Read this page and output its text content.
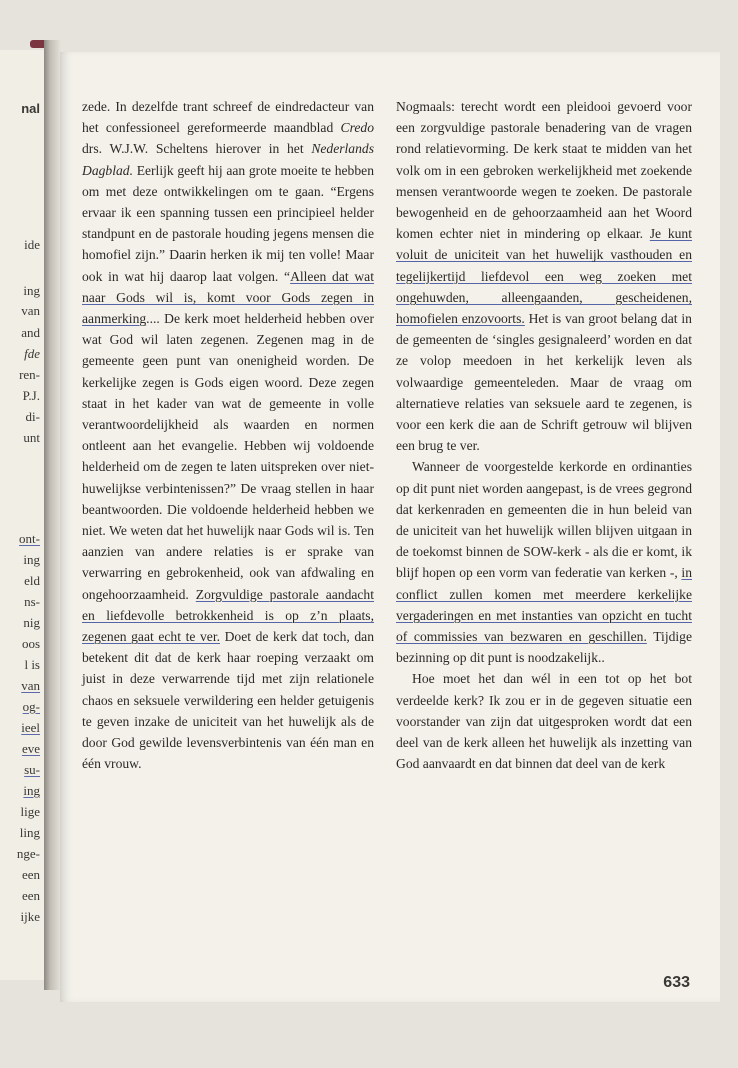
nal
ide
ing
van
and
fde
ren-
P.J.
di-
unt
ont-
ing
eld
ns-
nig
oos
l is
van
og-
ieel
eve
su-
ing
lige
ling
nge-
een
een
ijke

zede. In dezelfde trant schreef de eindredacteur van het confessioneel gereformeerde maandblad Credo drs. W.J.W. Scheltens hierover in het Nederlands Dagblad. Eerlijk geeft hij aan grote moeite te hebben om met deze ontwikkelingen om te gaan. “Ergens ervaar ik een spanning tussen een principieel helder standpunt en de pastorale houding jegens mensen die homofiel zijn.” Daarin herken ik mij ten volle! Maar ook in wat hij daarop laat volgen. “Alleen dat wat naar Gods wil is, komt voor Gods zegen in aanmerking.... De kerk moet helderheid hebben over wat God wil laten zegenen. Zegenen mag in de gemeente geen punt van onenigheid worden. De kerkelijke zegen is Gods eigen woord. Deze zegen staat in het kader van wat de gemeente in volle verantwoordelijkheid als waarden en normen ontleent aan het evangelie. Hebben wij voldoende helderheid om de zegen te laten uitspreken over niet-huwelijkse verbintenissen?” De vraag stellen in haar beantwoorden. Die voldoende helderheid hebben we niet. We weten dat het huwelijk naar Gods wil is. Ten aanzien van andere relaties is er sprake van verwarring en gebrokenheid, ook van afdwaling en ongehoorzaamheid. Zorgvuldige pastorale aandacht en liefdevolle betrokkenheid is op z’n plaats, zegenen gaat echt te ver. Doet de kerk dat toch, dan betekent dit dat de kerk haar roeping verzaakt om juist in deze verwarrende tijd met zijn relationele chaos en seksuele verwildering een helder getuigenis te geven inzake de uniciteit van het huwelijk als de door God gewilde levensverbintenis van één man en één vrouw.

Nogmaals: terecht wordt een pleidooi gevoerd voor een zorgvuldige pastorale benadering van de vragen rond relatievorming. De kerk staat te midden van het volk om in een gebroken werkelijkheid met zoekende mensen verantwoorde wegen te zoeken. De pastorale bewogenheid en de gehoorzaamheid aan het Woord komen echter niet in mindering op elkaar. Je kunt voluit de uniciteit van het huwelijk vasthouden en tegelijkertijd liefdevol een weg zoeken met ongehuwden, alleengaanden, gescheidenen, homofielen enzovoorts. Het is van groot belang dat in de gemeenten de ‘singles gesignaleerd’ worden en dat ze volop meedoen in het kerkelijk leven als volwaardige gemeenteleden. Maar de vraag om alternatieve relaties van seksuele aard te zegenen, is voor een kerk die aan de Schrift getrouw wil blijven een brug te ver.

Wanneer de voorgestelde kerkorde en ordinanties op dit punt niet worden aangepast, is de vrees gegrond dat kerkenraden en gemeenten die in hun beleid van de uniciteit van het huwelijk willen blijven uitgaan in de toekomst binnen de SOW-kerk - als die er komt, ik blijf hopen op een vorm van federatie van kerken -, in conflict zullen komen met meerdere kerkelijke vergaderingen en met instanties van opzicht en tucht of commissies van bezwaren en geschillen. Tijdige bezinning op dit punt is noodzakelijk..

Hoe moet het dan wél in een tot op het bot verdeelde kerk? Ik zou er in de gegeven situatie een voorstander van zijn dat uitgesproken wordt dat een deel van de kerk alleen het huwelijk als inzetting van God aanvaardt en dat binnen dat deel van de kerk

633
